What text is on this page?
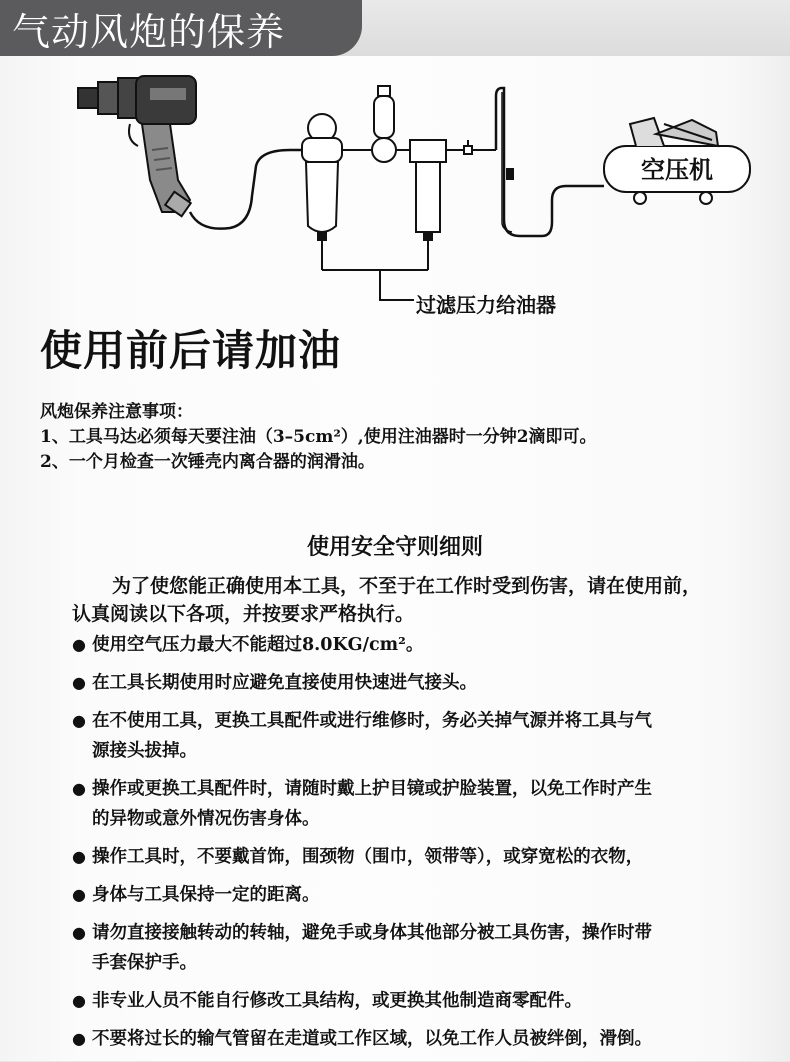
气动风炮的保养
空压机
过滤压力给油器
使用前后请加油
风炮保养注意事项：
1、工具马达必须每天要注油（3–5cm²）,使用注油器时一分钟2滴即可。
2、一个月检查一次锤壳内离合器的润滑油。
使用安全守则细则
为了使您能正确使用本工具，不至于在工作时受到伤害，请在使用前，
认真阅读以下各项，并按要求严格执行。
● 使用空气压力最大不能超过8.0KG/cm²。
● 在工具长期使用时应避免直接使用快速进气接头。
● 在不使用工具，更换工具配件或进行维修时，务必关掉气源并将工具与气
源接头拔掉。
● 操作或更换工具配件时，请随时戴上护目镜或护脸装置，以免工作时产生
的异物或意外情况伤害身体。
● 操作工具时，不要戴首饰，围颈物（围巾，领带等），或穿宽松的衣物，
● 身体与工具保持一定的距离。
● 请勿直接接触转动的转轴，避免手或身体其他部分被工具伤害，操作时带
手套保护手。
● 非专业人员不能自行修改工具结构，或更换其他制造商零配件。
● 不要将过长的输气管留在走道或工作区域，以免工作人员被绊倒，滑倒。
